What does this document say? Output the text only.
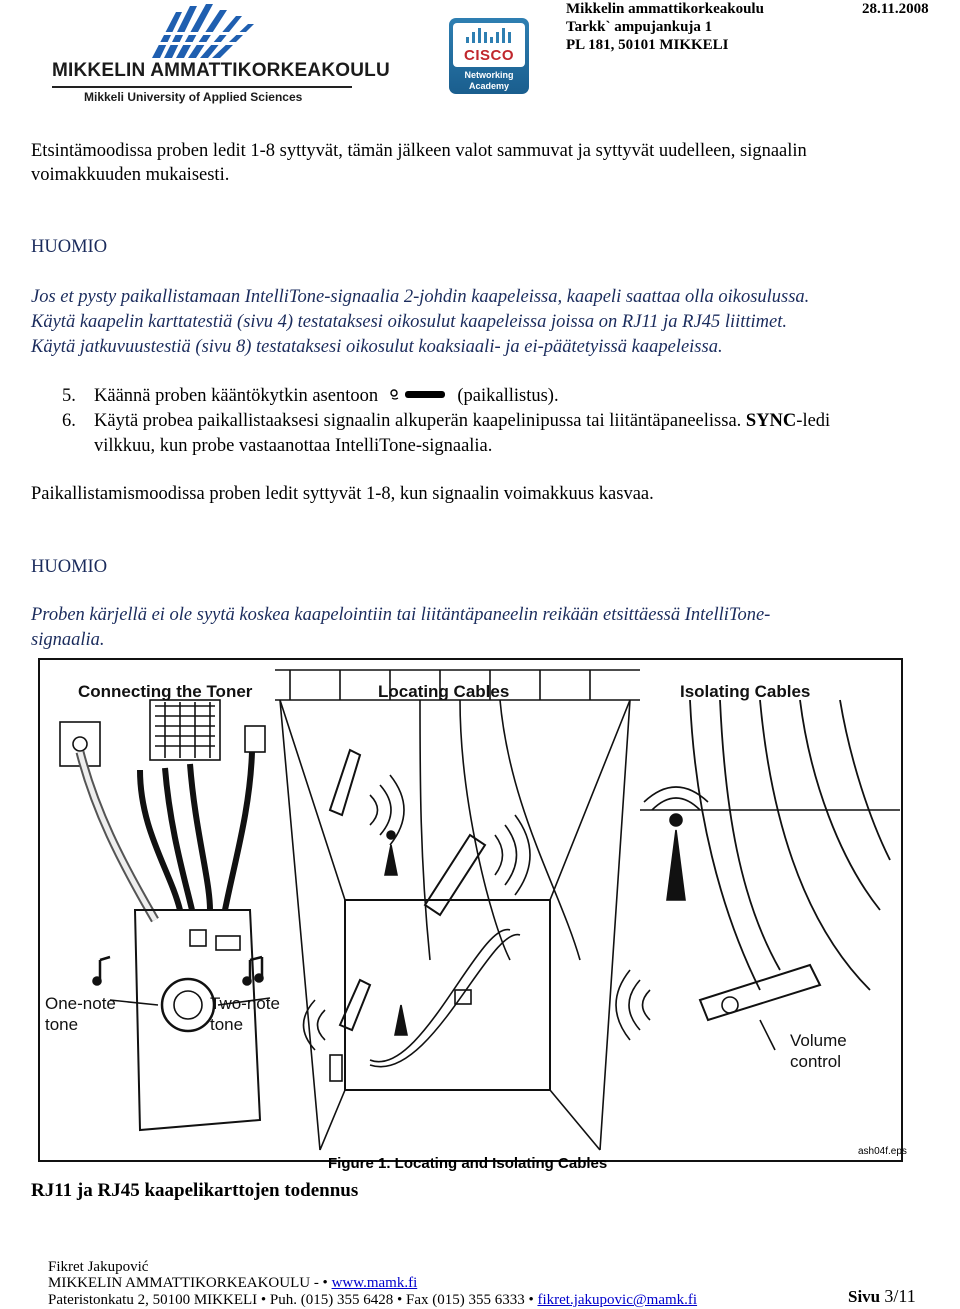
MIKKELIN AMMATTIKORKEAKOULU
Mikkeli University of Applied Sciences
CISCO
Networking
Academy
Mikkelin ammattikorkeakoulu
Tarkk` ampujankuja 1
PL 181, 50101 MIKKELI
28.11.2008
Etsintämoodissa proben ledit 1-8 syttyvät, tämän jälkeen valot sammuvat ja syttyvät uudelleen, signaalin
voimakkuuden mukaisesti.
HUOMIO
Jos et pysty paikallistamaan IntelliTone-signaalia 2-johdin kaapeleissa, kaapeli saattaa olla oikosulussa.
Käytä kaapelin karttatestiä (sivu 4) testataksesi oikosulut kaapeleissa joissa on RJ11 ja RJ45 liittimet.
Käytä jatkuvuustestiä (sivu 8) testataksesi oikosulut koaksiaali- ja ei-päätetyissä kaapeleissa.
5. Käännä proben kääntökytkin asentoon	(paikallistus).
6. Käytä probea paikallistaaksesi signaalin alkuperän kaapelinipussa tai liitäntäpaneelissa. SYNC-ledi
vilkkuu, kun probe vastaanottaa IntelliTone-signaalia.
Paikallistamismoodissa proben ledit syttyvät 1-8, kun signaalin voimakkuus kasvaa.
HUOMIO
Proben kärjellä ei ole syytä koskea kaapelointiin tai liitäntäpaneelin reikään etsittäessä IntelliTone-
signaalia.
Connecting the Toner	Locating Cables	Isolating Cables
One-note
tone
Two-note
tone
Volume
control
ash04f.eps
Figure 1. Locating and Isolating Cables
RJ11 ja RJ45 kaapelikarttojen todennus
Fikret Jakupović
MIKKELIN AMMATTIKORKEAKOULU - • www.mamk.fi
Pateristonkatu 2, 50100 MIKKELI • Puh. (015) 355 6428 • Fax (015) 355 6333 • fikret.jakupovic@mamk.fi	Sivu 3/11
